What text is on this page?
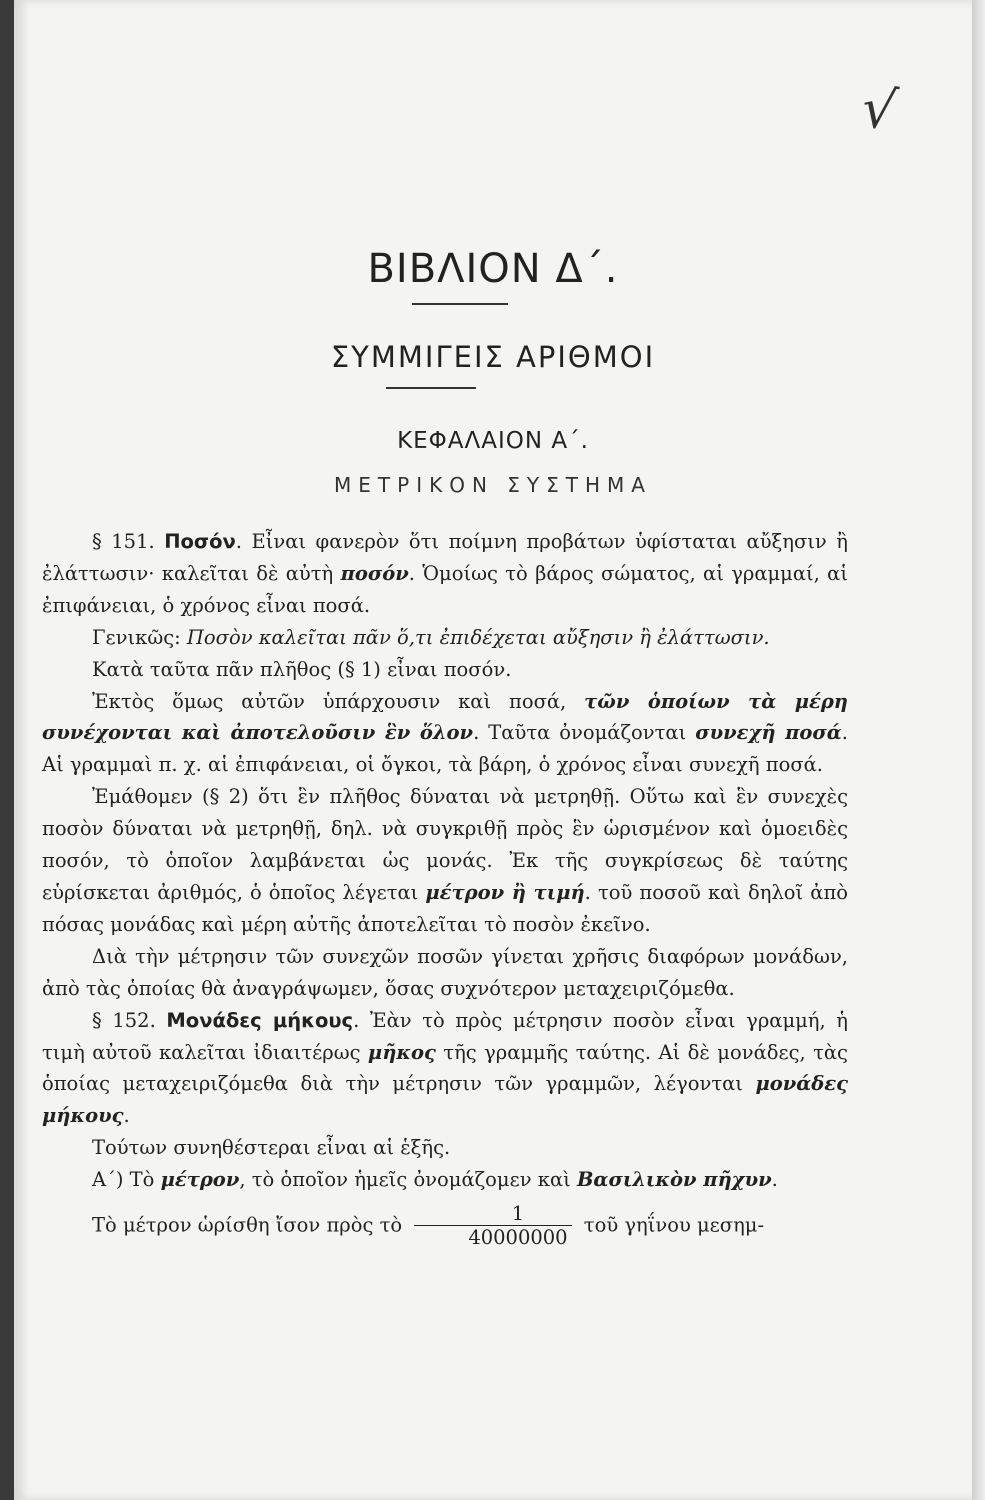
√
ΒΙΒΛΙΟΝ Δ΄.
ΣΥΜΜΙΓΕΙΣ ΑΡΙΘΜΟΙ
ΚΕΦΑΛΑΙΟΝ Α΄.
ΜΕΤΡΙΚΟΝ ΣΥΣΤΗΜΑ

§ 151. Ποσόν. Εἶναι φανερὸν ὅτι ποίμνη προβάτων ὑφίσταται αὔξησιν ἢ ἐλάττωσιν· καλεῖται δὲ αὐτὴ ποσόν. Ὁμοίως τὸ βάρος σώματος, αἱ γραμμαί, αἱ ἐπιφάνειαι, ὁ χρόνος εἶναι ποσά.

Γενικῶς: Ποσὸν καλεῖται πᾶν ὅ,τι ἐπιδέχεται αὔξησιν ἢ ἐλάττωσιν.

Κατὰ ταῦτα πᾶν πλῆθος (§ 1) εἶναι ποσόν.

Ἐκτὸς ὅμως αὐτῶν ὑπάρχουσιν καὶ ποσά, τῶν ὁποίων τὰ μέρη συνέχονται καὶ ἀποτελοῦσιν ἓν ὅλον. Ταῦτα ὀνομάζονται συνεχῆ ποσά. Αἱ γραμμαὶ π. χ. αἱ ἐπιφάνειαι, οἱ ὄγκοι, τὰ βάρη, ὁ χρόνος εἶναι συνεχῆ ποσά.

Ἐμάθομεν (§ 2) ὅτι ἓν πλῆθος δύναται νὰ μετρηθῇ. Οὕτω καὶ ἓν συνεχὲς ποσὸν δύναται νὰ μετρηθῇ, δηλ. νὰ συγκριθῇ πρὸς ἓν ὡρισμένον καὶ ὁμοειδὲς ποσόν, τὸ ὁποῖον λαμβάνεται ὡς μονάς. Ἐκ τῆς συγκρίσεως δὲ ταύτης εὑρίσκεται ἀριθμός, ὁ ὁποῖος λέγεται μέτρον ἢ τιμή. τοῦ ποσοῦ καὶ δηλοῖ ἀπὸ πόσας μονάδας καὶ μέρη αὐτῆς ἀποτελεῖται τὸ ποσὸν ἐκεῖνο.

Διὰ τὴν μέτρησιν τῶν συνεχῶν ποσῶν γίνεται χρῆσις διαφόρων μονάδων, ἀπὸ τὰς ὁποίας θὰ ἀναγράψωμεν, ὅσας συχνότερον μεταχειριζόμεθα.

§ 152. Μονάδες μήκους. Ἐὰν τὸ πρὸς μέτρησιν ποσὸν εἶναι γραμμή, ἡ τιμὴ αὐτοῦ καλεῖται ἰδιαιτέρως μῆκος τῆς γραμμῆς ταύτης. Αἱ δὲ μονάδες, τὰς ὁποίας μεταχειριζόμεθα διὰ τὴν μέτρησιν τῶν γραμμῶν, λέγονται μονάδες μήκους.

Τούτων συνηθέστεραι εἶναι αἱ ἑξῆς.

Α΄) Τὸ μέτρον, τὸ ὁποῖον ἡμεῖς ὀνομάζομεν καὶ Βασιλικὸν πῆχυν.

Τὸ μέτρον ὡρίσθη ἴσον πρὸς τὸ $\frac{1}{40000000}$ τοῦ γηΐνου μεσημ-
